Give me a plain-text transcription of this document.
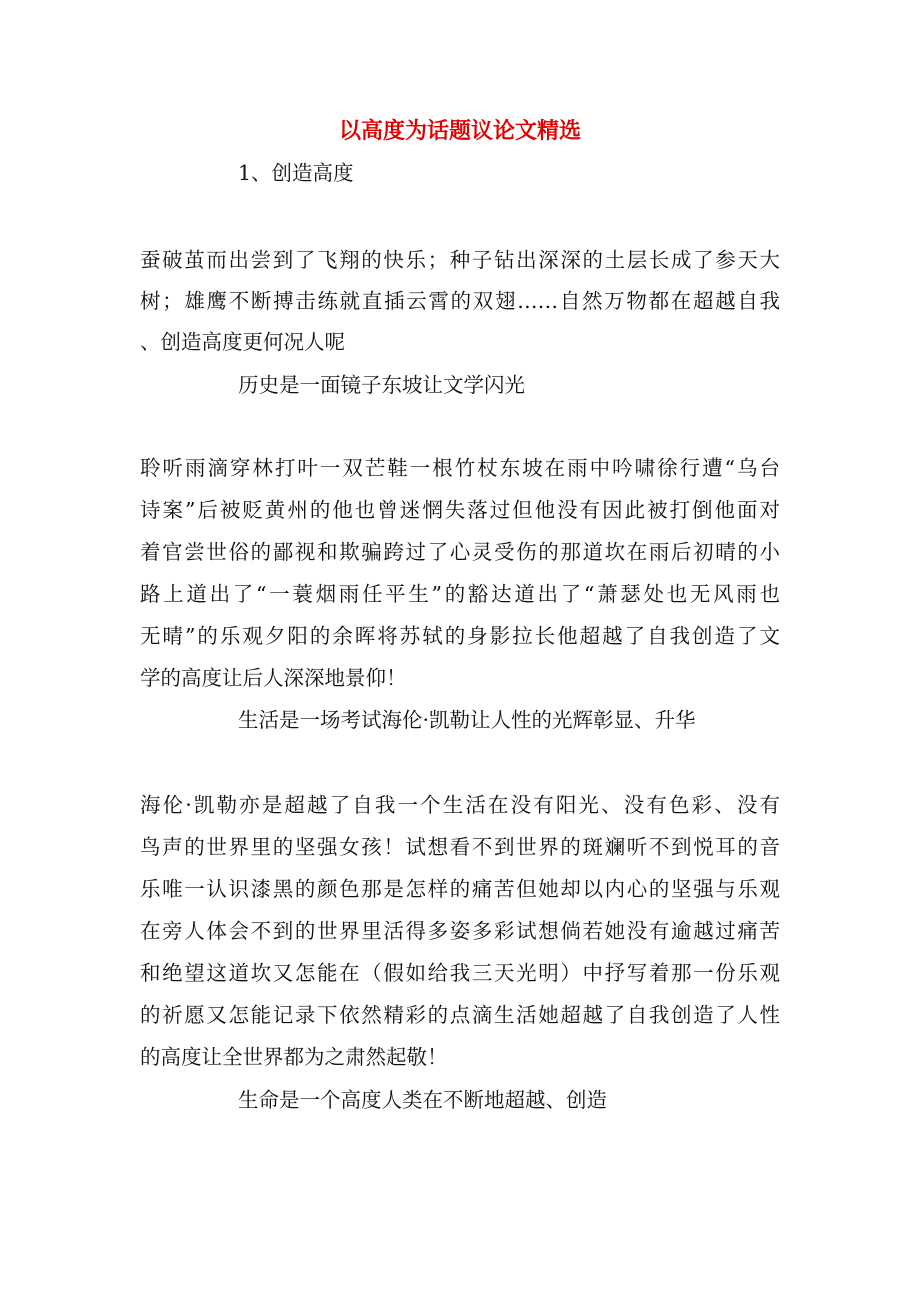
以高度为话题议论文精选
1、创造高度
蚕破茧而出尝到了飞翔的快乐；种子钻出深深的土层长成了参天大
树；雄鹰不断搏击练就直插云霄的双翅……自然万物都在超越自我
、创造高度更何况人呢
历史是一面镜子东坡让文学闪光
聆听雨滴穿林打叶一双芒鞋一根竹杖东坡在雨中吟啸徐行遭“乌台
诗案”后被贬黄州的他也曾迷惘失落过但他没有因此被打倒他面对
着官尝世俗的鄙视和欺骗跨过了心灵受伤的那道坎在雨后初晴的小
路上道出了“一蓑烟雨任平生”的豁达道出了“萧瑟处也无风雨也
无晴”的乐观夕阳的余晖将苏轼的身影拉长他超越了自我创造了文
学的高度让后人深深地景仰！
生活是一场考试海伦·凯勒让人性的光辉彰显、升华
海伦·凯勒亦是超越了自我一个生活在没有阳光、没有色彩、没有
鸟声的世界里的坚强女孩！试想看不到世界的斑斓听不到悦耳的音
乐唯一认识漆黑的颜色那是怎样的痛苦但她却以内心的坚强与乐观
在旁人体会不到的世界里活得多姿多彩试想倘若她没有逾越过痛苦
和绝望这道坎又怎能在（假如给我三天光明）中抒写着那一份乐观
的祈愿又怎能记录下依然精彩的点滴生活她超越了自我创造了人性
的高度让全世界都为之肃然起敬！
生命是一个高度人类在不断地超越、创造
